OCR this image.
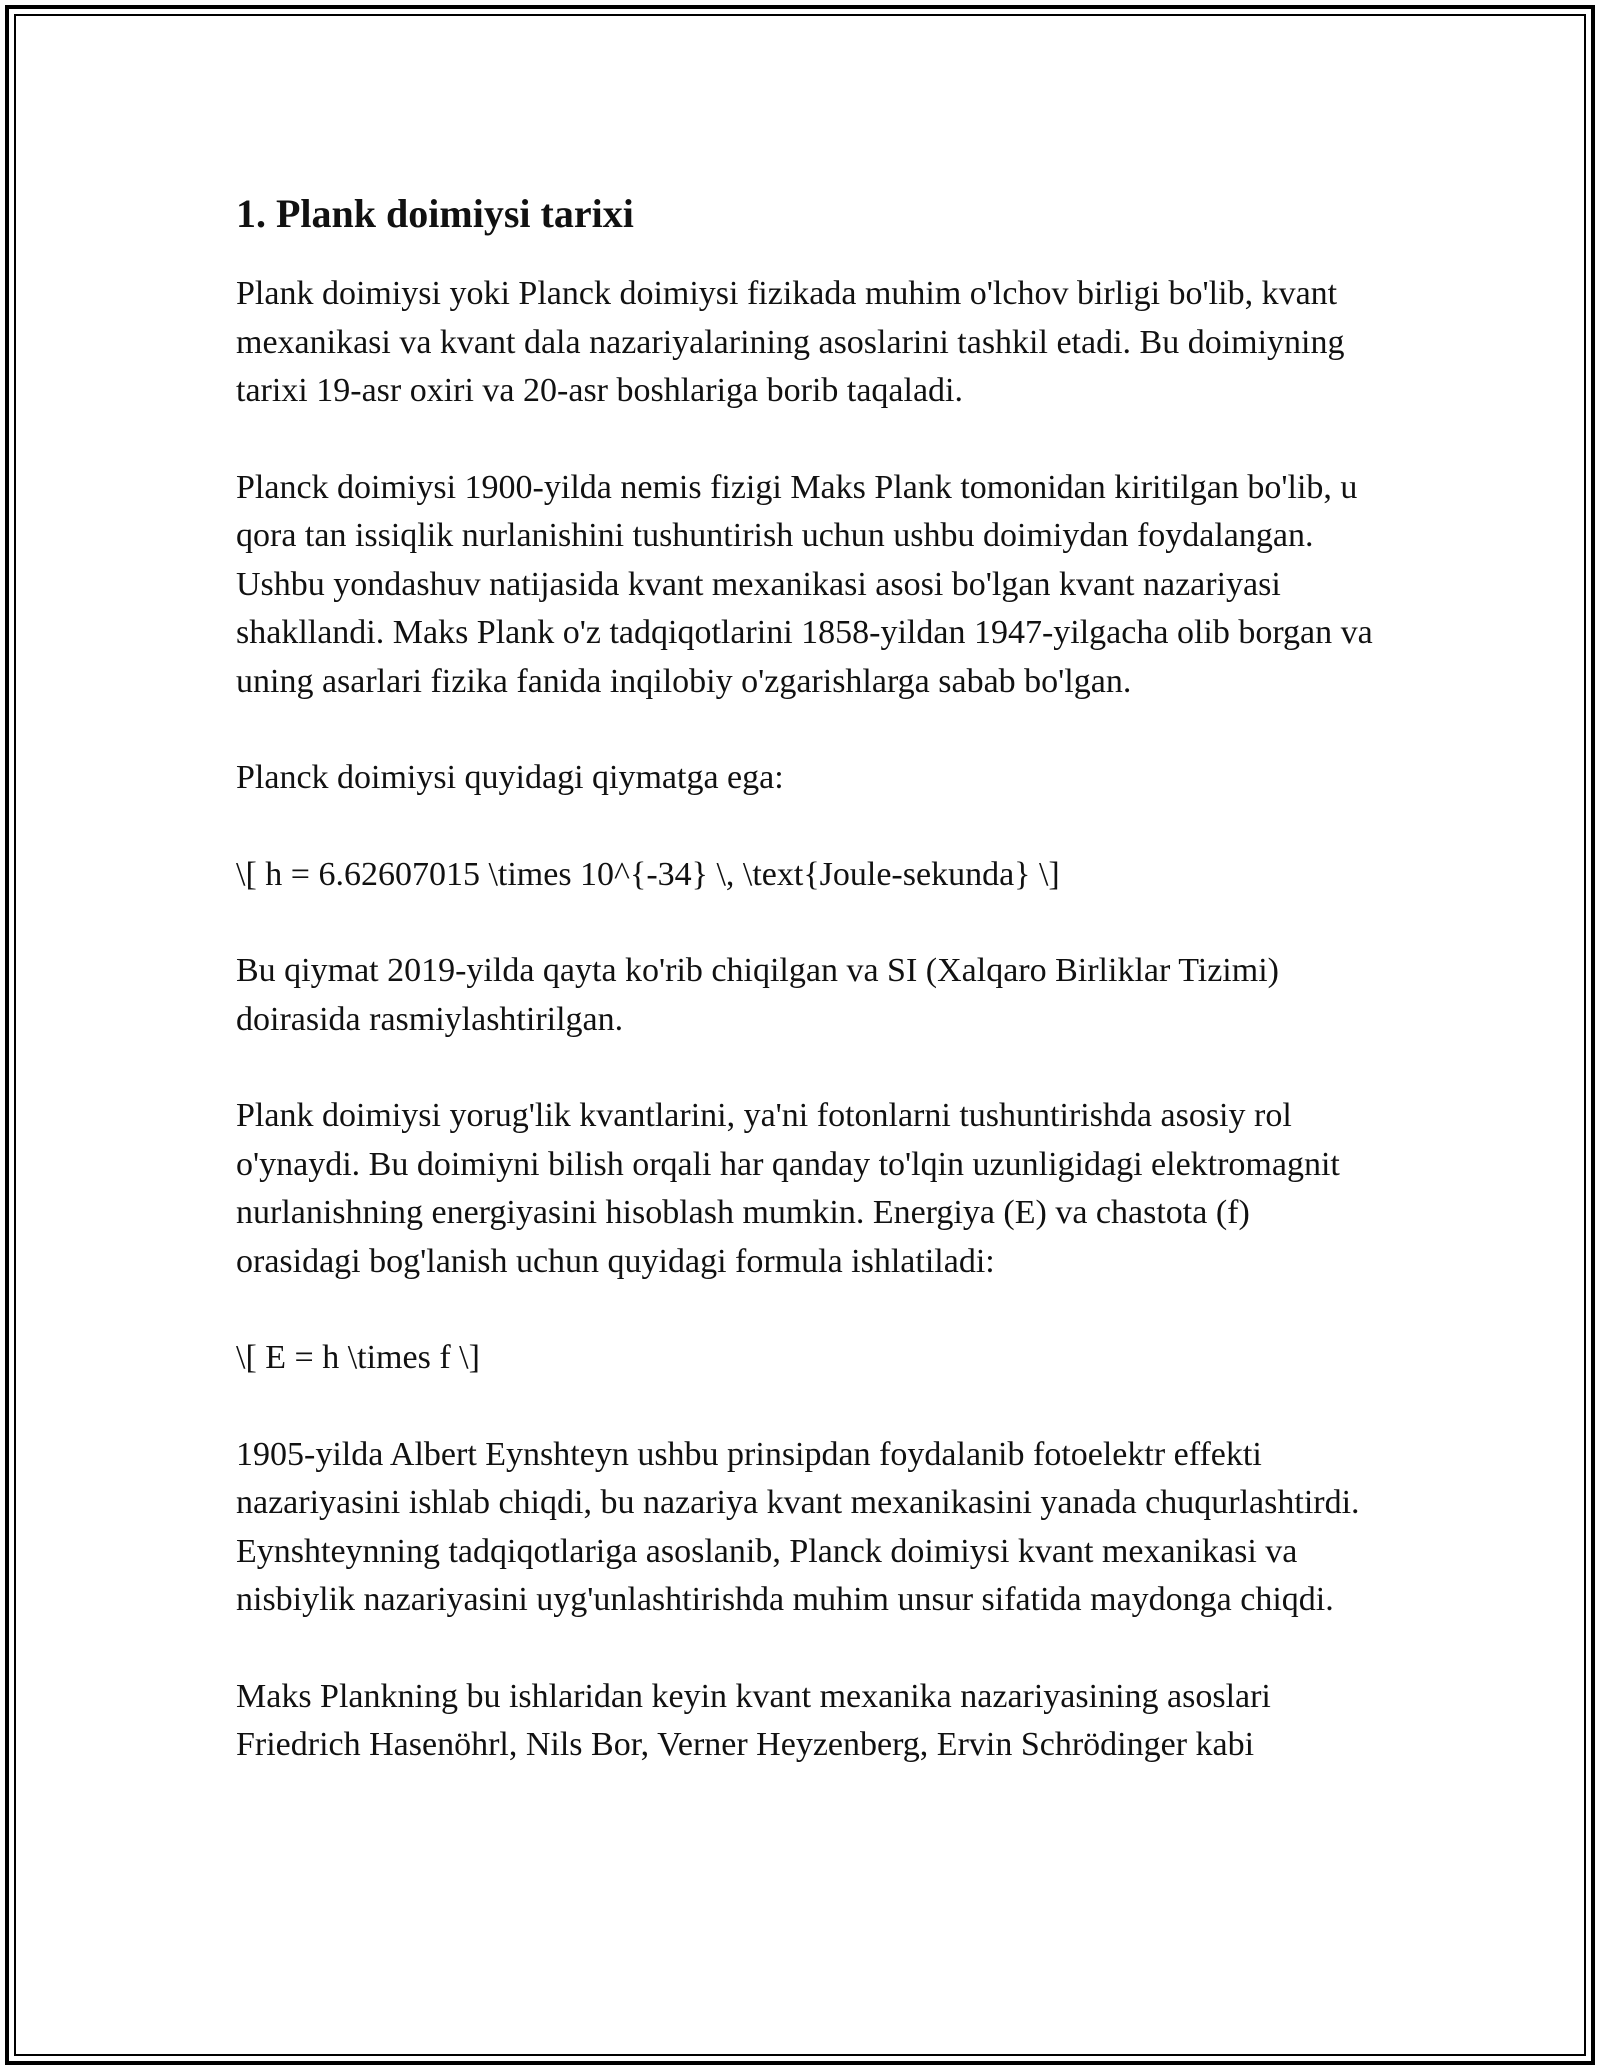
1. Plank doimiysi tarixi

Plank doimiysi yoki Planck doimiysi fizikada muhim o'lchov birligi bo'lib, kvant mexanikasi va kvant dala nazariyalarining asoslarini tashkil etadi. Bu doimiyning tarixi 19-asr oxiri va 20-asr boshlariga borib taqaladi.

Planck doimiysi 1900-yilda nemis fizigi Maks Plank tomonidan kiritilgan bo'lib, u qora tan issiqlik nurlanishini tushuntirish uchun ushbu doimiydan foydalangan. Ushbu yondashuv natijasida kvant mexanikasi asosi bo'lgan kvant nazariyasi shakllandi. Maks Plank o'z tadqiqotlarini 1858-yildan 1947-yilgacha olib borgan va uning asarlari fizika fanida inqilobiy o'zgarishlarga sabab bo'lgan.

Planck doimiysi quyidagi qiymatga ega:

\[ h = 6.62607015 \times 10^{-34} \, \text{Joule-sekunda} \]

Bu qiymat 2019-yilda qayta ko'rib chiqilgan va SI (Xalqaro Birliklar Tizimi) doirasida rasmiylashtirilgan.

Plank doimiysi yorug'lik kvantlarini, ya'ni fotonlarni tushuntirishda asosiy rol o'ynaydi. Bu doimiyni bilish orqali har qanday to'lqin uzunligidagi elektromagnit nurlanishning energiyasini hisoblash mumkin. Energiya (E) va chastota (f) orasidagi bog'lanish uchun quyidagi formula ishlatiladi:

\[ E = h \times f \]

1905-yilda Albert Eynshteyn ushbu prinsipdan foydalanib fotoelektr effekti nazariyasini ishlab chiqdi, bu nazariya kvant mexanikasini yanada chuqurlashtirdi. Eynshteynning tadqiqotlariga asoslanib, Planck doimiysi kvant mexanikasi va nisbiylik nazariyasini uyg'unlashtirishda muhim unsur sifatida maydonga chiqdi.

Maks Plankning bu ishlaridan keyin kvant mexanika nazariyasining asoslari Friedrich Hasenöhrl, Nils Bor, Verner Heyzenberg, Ervin Schrödinger kabi
